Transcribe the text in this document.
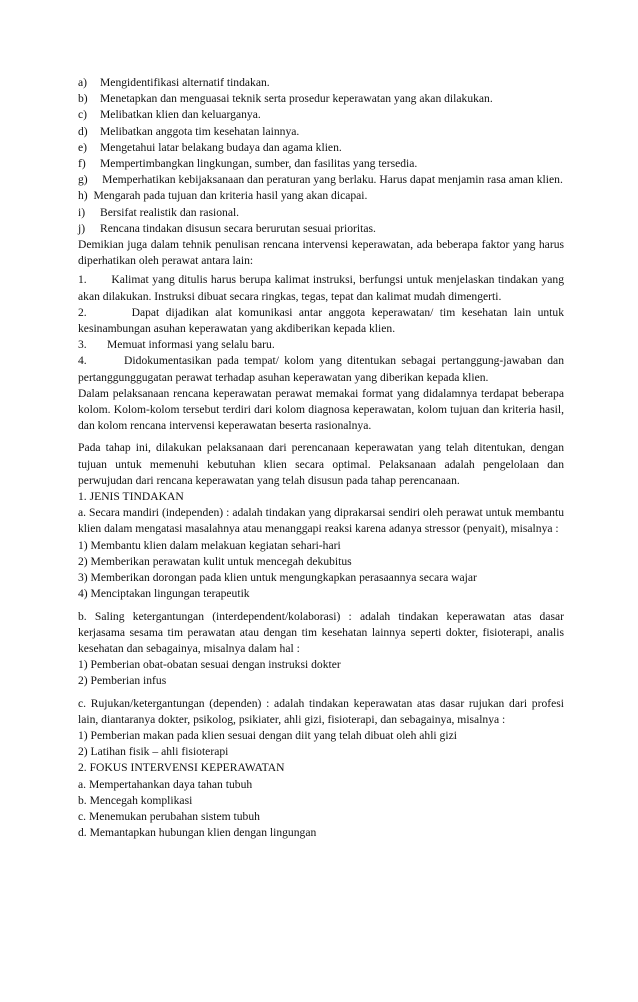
a)	Mengidentifikasi alternatif tindakan.
b)	Menetapkan dan menguasai teknik serta prosedur keperawatan yang akan dilakukan.
c)	Melibatkan klien dan keluarganya.
d)	Melibatkan anggota tim kesehatan lainnya.
e)	Mengetahui latar belakang budaya dan agama klien.
f)	Mempertimbangkan lingkungan, sumber, dan fasilitas yang tersedia.
g) Memperhatikan kebijaksanaan dan peraturan yang berlaku. Harus dapat menjamin rasa aman klien.
h)
Mengarah pada tujuan dan kriteria hasil yang akan dicapai.
i)	Bersifat realistik dan rasional.
j)	Rencana tindakan disusun secara berurutan sesuai prioritas.

Demikian juga dalam tehnik penulisan rencana intervensi keperawatan, ada beberapa faktor yang harus diperhatikan oleh perawat antara lain:

1. Kalimat yang ditulis harus berupa kalimat instruksi, berfungsi untuk menjelaskan tindakan yang akan dilakukan. Instruksi dibuat secara ringkas, tegas, tepat dan kalimat mudah dimengerti.

2.	Dapat dijadikan alat komunikasi antar anggota keperawatan/ tim kesehatan lain untuk kesinambungan asuhan keperawatan yang akdiberikan kepada klien.

3. Memuat informasi yang selalu baru.

4.	Didokumentasikan pada tempat/ kolom yang ditentukan sebagai pertanggung-jawaban dan pertanggunggugatan perawat terhadap asuhan keperawatan yang diberikan kepada klien.

Dalam pelaksanaan rencana keperawatan perawat memakai format yang didalamnya terdapat beberapa kolom. Kolom-kolom tersebut terdiri dari kolom diagnosa keperawatan, kolom tujuan dan kriteria hasil, dan kolom rencana intervensi keperawatan beserta rasionalnya.

Pada tahap ini, dilakukan pelaksanaan dari perencanaan keperawatan yang telah ditentukan, dengan tujuan untuk memenuhi kebutuhan klien secara optimal. Pelaksanaan adalah pengelolaan dan perwujudan dari rencana keperawatan yang telah disusun pada tahap perencanaan.

1. JENIS TINDAKAN

a. Secara mandiri (independen) : adalah tindakan yang diprakarsai sendiri oleh perawat untuk membantu klien dalam mengatasi masalahnya atau menanggapi reaksi karena adanya stressor (penyait), misalnya :

1) Membantu klien dalam melakuan kegiatan sehari-hari

2) Memberikan perawatan kulit untuk mencegah dekubitus

3) Memberikan dorongan pada klien untuk mengungkapkan perasaannya secara wajar

4) Menciptakan lingungan terapeutik

b. Saling ketergantungan (interdependent/kolaborasi) : adalah tindakan keperawatan atas dasar kerjasama sesama tim perawatan atau dengan tim kesehatan lainnya seperti dokter, fisioterapi, analis kesehatan dan sebagainya, misalnya dalam hal :

1) Pemberian obat-obatan sesuai dengan instruksi dokter

2) Pemberian infus

c. Rujukan/ketergantungan (dependen) : adalah tindakan keperawatan atas dasar rujukan dari profesi lain, diantaranya dokter, psikolog, psikiater, ahli gizi, fisioterapi, dan sebagainya, misalnya :

1) Pemberian makan pada klien sesuai dengan diit yang telah dibuat oleh ahli gizi

2) Latihan fisik – ahli fisioterapi

2. FOKUS INTERVENSI KEPERAWATAN

a. Mempertahankan daya tahan tubuh

b. Mencegah komplikasi

c. Menemukan perubahan sistem tubuh

d. Memantapkan hubungan klien dengan lingungan
